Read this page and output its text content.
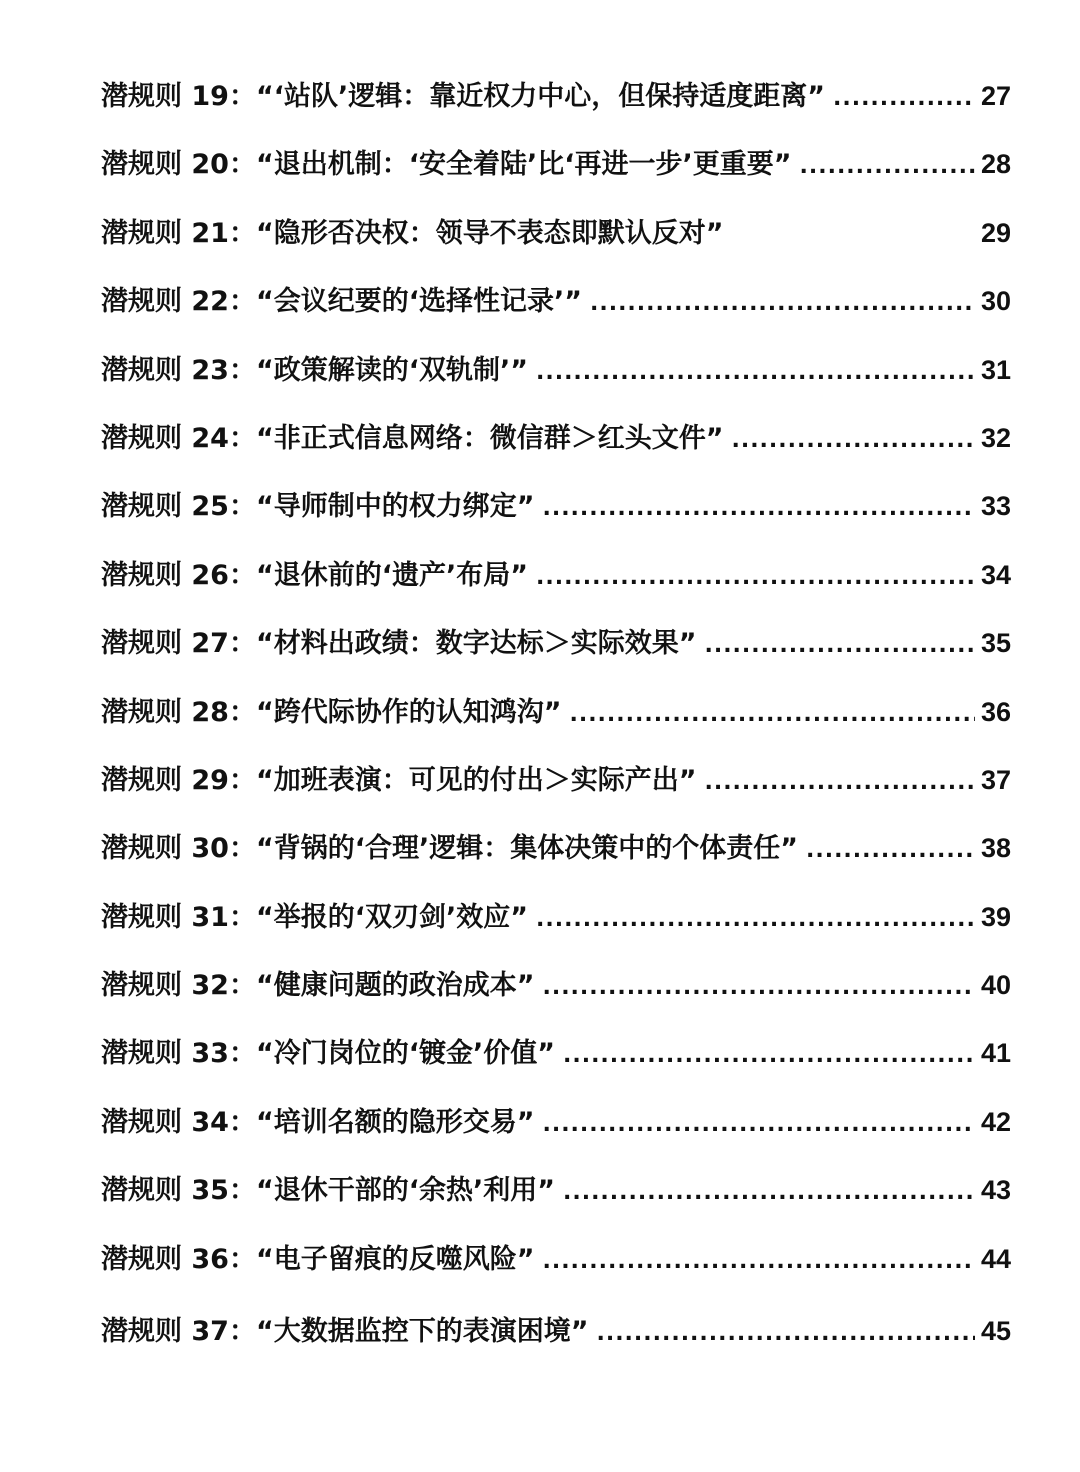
潜规则 19： “‘站队’逻辑：靠近权力中心，但保持适度距离” .....	27
潜规则 20： “退出机制：‘安全着陆’比‘再进一步’更重要” .....	28
潜规则 21： “隐形否决权：领导不表态即默认反对”	29
潜规则 22： “会议纪要的‘选择性记录’” .....	30
潜规则 23： “政策解读的‘双轨制’” .....	31
潜规则 24： “非正式信息网络：微信群＞红头文件” .....	32
潜规则 25： “导师制中的权力绑定” .....	33
潜规则 26： “退休前的‘遗产’布局” .....	34
潜规则 27： “材料出政绩：数字达标＞实际效果” .....	35
潜规则 28： “跨代际协作的认知鸿沟” .....	36
潜规则 29： “加班表演：可见的付出＞实际产出” .....	37
潜规则 30： “背锅的‘合理’逻辑：集体决策中的个体责任” .....	38
潜规则 31： “举报的‘双刃剑’效应” .....	39
潜规则 32： “健康问题的政治成本” .....	40
潜规则 33： “冷门岗位的‘镀金’价值” .....	41
潜规则 34： “培训名额的隐形交易” .....	42
潜规则 35： “退休干部的‘余热’利用” .....	43
潜规则 36： “电子留痕的反噬风险” .....	44
潜规则 37： “大数据监控下的表演困境” .....	45
